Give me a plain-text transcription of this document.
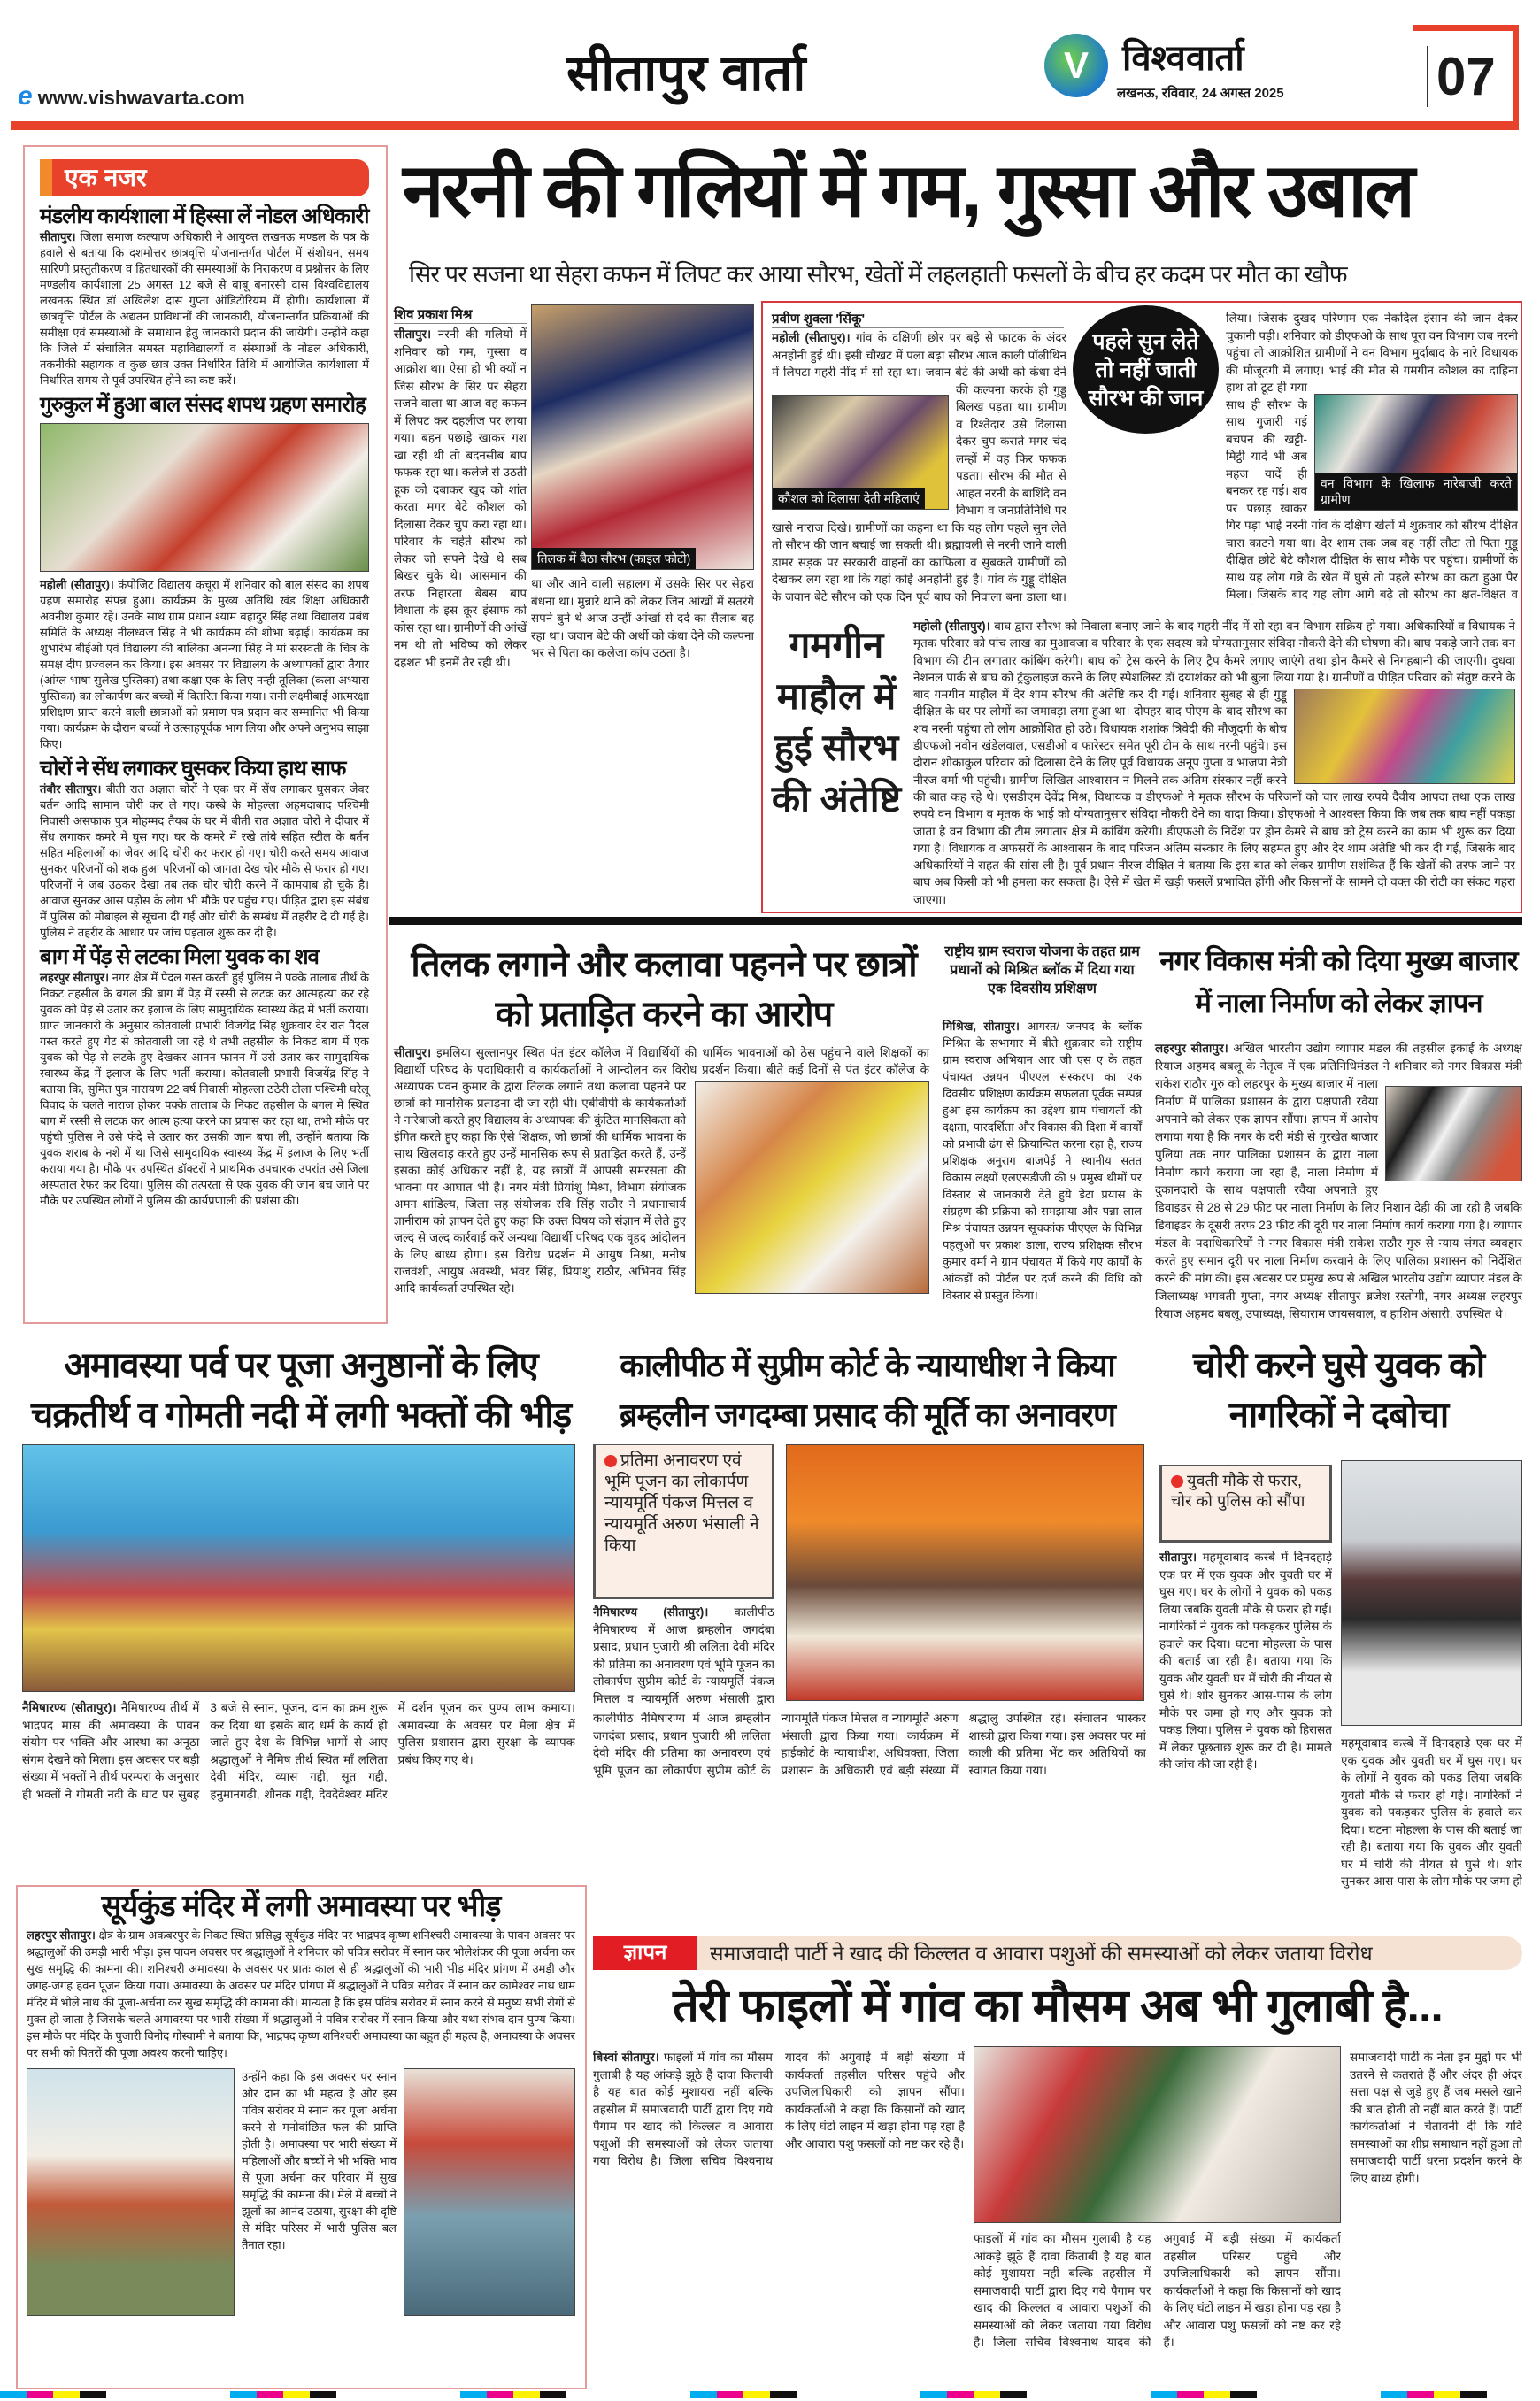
e www.vishwavarta.com	सीतापुर वार्ता	V विश्ववार्ता
लखनऊ, रविवार, 24 अगस्त 2025	07
एक नजर
मंडलीय कार्यशाला में हिस्सा लें नोडल अधिकारी

सीतापुर। जिला समाज कल्याण अधिकारी ने आयुक्त लखनऊ मण्डल के पत्र के हवाले से बताया कि दशमोत्तर छात्रवृत्ति योजनान्तर्गत पोर्टल में संशोधन, समय सारिणी प्रस्तुतीकरण व हितधारकों की समस्याओं के निराकरण व प्रश्नोत्तर के लिए मण्डलीय कार्यशाला 25 अगस्त 12 बजे से बाबू बनारसी दास विश्वविद्यालय लखनऊ स्थित डॉ अखिलेश दास गुप्ता ऑडिटोरियम में होगी। कार्यशाला में छात्रवृत्ति पोर्टल के अद्यतन प्राविधानों की जानकारी, योजनान्तर्गत प्रक्रियाओं की समीक्षा एवं समस्याओं के समाधान हेतु जानकारी प्रदान की जायेगी। उन्होंने कहा कि जिले में संचालित समस्त महाविद्यालयों व संस्थाओं के नोडल अधिकारी, तकनीकी सहायक व कुछ छात्र उक्त निर्धारित तिथि में आयोजित कार्यशाला में निर्धारित समय से पूर्व उपस्थित होने का कष्ट करें।

गुरुकुल में हुआ बाल संसद शपथ ग्रहण समारोह

महोली (सीतापुर)। कंपोजिट विद्यालय कचूरा में शनिवार को बाल संसद का शपथ ग्रहण समारोह संपन्न हुआ। कार्यक्रम के मुख्य अतिथि खंड शिक्षा अधिकारी अवनीश कुमार रहे। उनके साथ ग्राम प्रधान श्याम बहादुर सिंह तथा विद्यालय प्रबंध समिति के अध्यक्ष नीलध्वज सिंह ने भी कार्यक्रम की शोभा बढ़ाई। कार्यक्रम का शुभारंभ बीईओ एवं विद्यालय की बालिका अनन्या सिंह ने मां सरस्वती के चित्र के समक्ष दीप प्रज्वलन कर किया। इस अवसर पर विद्यालय के अध्यापकों द्वारा तैयार (आंग्ल भाषा सुलेख पुस्तिका) तथा कक्षा एक के लिए नन्ही तूलिका (कला अभ्यास पुस्तिका) का लोकार्पण कर बच्चों में वितरित किया गया। रानी लक्ष्मीबाई आत्मरक्षा प्रशिक्षण प्राप्त करने वाली छात्राओं को प्रमाण पत्र प्रदान कर सम्मानित भी किया गया। कार्यक्रम के दौरान बच्चों ने उत्साहपूर्वक भाग लिया और अपने अनुभव साझा किए।

चोरों ने सेंध लगाकर घुसकर किया हाथ साफ

तंबौर सीतापुर। बीती रात अज्ञात चोरों ने एक घर में सेंध लगाकर घुसकर जेवर बर्तन आदि सामान चोरी कर ले गए। कस्बे के मोहल्ला अहमदाबाद पश्चिमी निवासी असफाक पुत्र मोहम्मद तैयब के घर में बीती रात अज्ञात चोरों ने दीवार में सेंध लगाकर कमरे में घुस गए। घर के कमरे में रखे तांबे सहित स्टील के बर्तन सहित महिलाओं का जेवर आदि चोरी कर फरार हो गए। चोरी करते समय आवाज सुनकर परिजनों को शक हुआ परिजनों को जागता देख चोर मौके से फरार हो गए। परिजनों ने जब उठकर देखा तब तक चोर चोरी करने में कामयाब हो चुके है। आवाज सुनकर आस पड़ोस के लोग भी मौके पर पहुंच गए। पीड़ित द्वारा इस संबंध में पुलिस को मोबाइल से सूचना दी गई और चोरी के सम्बंध में तहरीर दे दी गई है। पुलिस ने तहरीर के आधार पर जांच पड़ताल शुरू कर दी है।

बाग में पेंड़ से लटका मिला युवक का शव

लहरपुर सीतापुर। नगर क्षेत्र में पैदल गस्त करती हुई पुलिस ने पक्के तालाब तीर्थ के निकट तहसील के बगल की बाग में पेड़ में रस्सी से लटक कर आत्महत्या कर रहे युवक को पेड़ से उतार कर इलाज के लिए सामुदायिक स्वास्थ्य केंद्र में भर्ती कराया। प्राप्त जानकारी के अनुसार कोतवाली प्रभारी विजयेंद्र सिंह शुक्रवार देर रात पैदल गस्त करते हुए गेट से कोतवाली जा रहे थे तभी तहसील के निकट बाग में एक युवक को पेड़ से लटके हुए देखकर आनन फानन में उसे उतार कर सामुदायिक स्वास्थ्य केंद्र में इलाज के लिए भर्ती कराया। कोतवाली प्रभारी विजयेंद्र सिंह ने बताया कि, सुमित पुत्र नारायण 22 वर्ष निवासी मोहल्ला ठठेरी टोला पश्चिमी घरेलू विवाद के चलते नाराज होकर पक्के तालाब के निकट तहसील के बगल मे स्थित बाग में रस्सी से लटक कर आत्म हत्या करने का प्रयास कर रहा था, तभी मौके पर पहुंची पुलिस ने उसे फंदे से उतार कर उसकी जान बचा ली, उन्होंने बताया कि युवक शराब के नशे में था जिसे सामुदायिक स्वास्थ्य केंद्र में इलाज के लिए भर्ती कराया गया है। मौके पर उपस्थित डॉक्टरों ने प्राथमिक उपचारक उपरांत उसे जिला अस्पताल रेफर कर दिया। पुलिस की तत्परता से एक युवक की जान बच जाने पर मौके पर उपस्थित लोगों ने पुलिस की कार्यप्रणाली की प्रशंसा की।

नरनी की गलियों में गम, गुस्सा और उबाल
सिर पर सजना था सेहरा कफन में लिपट कर आया सौरभ, खेतों में लहलहाती फसलों के बीच हर कदम पर मौत का खौफ
शिव प्रकाश मिश्र

सीतापुर। नरनी की गलियों में शनिवार को गम, गुस्सा व आक्रोश था। ऐसा हो भी क्यों न जिस सौरभ के सिर पर सेहरा सजने वाला था आज वह कफन में लिपट कर दहलीज पर लाया गया। बहन पछाड़े खाकर गश खा रही थी तो बदनसीब बाप फफक रहा था। कलेजे से उठती हूक को दबाकर खुद को शांत करता मगर बेटे कौशल को दिलासा देकर चुप करा रहा था। परिवार के चहेते सौरभ को लेकर जो सपने देखे थे सब बिखर चुके थे। आसमान की तरफ निहारता बेबस बाप विधाता के इस क्रूर इंसाफ को कोस रहा था। ग्रामीणों की आंखें नम थी तो भविष्य को लेकर दहशत भी इनमें तैर रही थी।

तिलक में बैठा सौरभ (फाइल फोटो)

था और आने वाली सहालग में उसके सिर पर सेहरा बंधना था। मुन्नारे थाने को लेकर जिन आंखों में सतरंगे सपने बुने थे आज उन्हीं आंखों से दर्द का सैलाब बह रहा था। जवान बेटे की अर्थी को कंधा देने की कल्पना भर से पिता का कलेजा कांप उठता है।

प्रवीण शुक्ला 'सिंकू'
कौशल को दिलासा देती महिलाएं
महोली (सीतापुर)। गांव के दक्षिणी छोर पर बड़े से फाटक के अंदर अनहोनी हुई थी। इसी चौखट में पला बढ़ा सौरभ आज काली पॉलीथिन में लिपटा गहरी नींद में सो रहा था। जवान बेटे की अर्थी को कंधा देने की कल्पना करके ही गुड्डू बिलख पड़ता था। ग्रामीण व रिश्तेदार उसे दिलासा देकर चुप कराते मगर चंद लम्हों में वह फिर फफक पड़ता। सौरभ की मौत से आहत नरनी के बाशिंदे वन विभाग व जनप्रतिनिधि पर खासे नाराज दिखे। ग्रामीणों का कहना था कि यह लोग पहले सुन लेते तो सौरभ की जान बचाई जा सकती थी। ब्रह्मावली से नरनी जाने वाली डामर सड़क पर सरकारी वाहनों का काफिला व सुबकते ग्रामीणों को देखकर लग रहा था कि यहां कोई अनहोनी हुई है। गांव के गुड्डू दीक्षित के जवान बेटे सौरभ को एक दिन पूर्व बाघ को निवाला बना डाला था।
पहले सुन लेते तो नहीं जाती सौरभ की जान
वन विभाग के खिलाफ नारेबाजी करते ग्रामीण
लिया। जिसके दुखद परिणाम एक नेकदिल इंसान की जान देकर चुकानी पड़ी। शनिवार को डीएफओ के साथ पूरा वन विभाग जब नरनी पहुंचा तो आक्रोशित ग्रामीणों ने वन विभाग मुर्दाबाद के नारे विधायक की मौजूदगी में लगाए। भाई की मौत से गमगीन कौशल का दाहिना हाथ तो टूट ही गया साथ ही सौरभ के साथ गुजारी गई बचपन की खट्टी-मिट्ठी यादें भी अब महज यादें ही बनकर रह गईं। शव पर पछाड़ खाकर गिर पड़ा भाई नरनी गांव के दक्षिण खेतों में शुक्रवार को सौरभ दीक्षित चारा काटने गया था। देर शाम तक जब वह नहीं लौटा तो पिता गुड्डू दीक्षित छोटे बेटे कौशल दीक्षित के साथ मौके पर पहुंचा। ग्रामीणों के साथ यह लोग गन्ने के खेत में घुसे तो पहले सौरभ का कटा हुआ पैर मिला। जिसके बाद यह लोग आगे बढ़े तो सौरभ का क्षत-विक्षत व
गमगीन माहौल में हुई सौरभ की अंतेष्टि
महोली (सीतापुर)। बाघ द्वारा सौरभ को निवाला बनाए जाने के बाद गहरी नींद में सो रहा वन विभाग सक्रिय हो गया। अधिकारियों व विधायक ने मृतक परिवार को पांच लाख का मुआवजा व परिवार के एक सदस्य को योग्यतानुसार संविदा नौकरी देने की घोषणा की। बाघ पकड़े जाने तक वन विभाग की टीम लगातार कांबिंग करेगी। बाघ को ट्रेस करने के लिए ट्रैप कैमरे लगाए जाएंगे तथा ड्रोन कैमरे से निगहबानी की जाएगी। दुधवा नेशनल पार्क से बाघ को ट्रंकुलाइज करने के लिए स्पेशलिस्ट डॉ दयाशंकर को भी बुला लिया गया है। ग्रामीणों व पीड़ित परिवार को संतुष्ट करने के बाद गमगीन माहौल में देर शाम सौरभ की अंतेष्टि कर दी गई। शनिवार सुबह से ही गुड्डू दीक्षित के घर पर लोगों का जमावड़ा लगा हुआ था। दोपहर बाद पीएम के बाद सौरभ का शव नरनी पहुंचा तो लोग आक्रोशित हो उठे। विधायक शशांक त्रिवेदी की मौजूदगी के बीच डीएफओ नवीन खंडेलवाल, एसडीओ व फारेस्टर समेत पूरी टीम के साथ नरनी पहुंचे। इस दौरान शोकाकुल परिवार को दिलासा देने के लिए पूर्व विधायक अनूप गुप्ता व भाजपा नेत्री नीरज वर्मा भी पहुंची। ग्रामीण लिखित आश्वासन न मिलने तक अंतिम संस्कार नहीं करने की बात कह रहे थे। एसडीएम देवेंद्र मिश्र, विधायक व डीएफओ ने मृतक सौरभ के परिजनों को चार लाख रुपये दैवीय आपदा तथा एक लाख रुपये वन विभाग व मृतक के भाई को योग्यतानुसार संविदा नौकरी देने का वादा किया। डीएफओ ने आश्वस्त किया कि जब तक बाघ नहीं पकड़ा जाता है वन विभाग की टीम लगातार क्षेत्र में कांबिंग करेगी। डीएफओ के निर्देश पर ड्रोन कैमरे से बाघ को ट्रेस करने का काम भी शुरू कर दिया गया है। विधायक व अफसरों के आश्वासन के बाद परिजन अंतिम संस्कार के लिए सहमत हुए और देर शाम अंतेष्टि भी कर दी गई, जिसके बाद अधिकारियों ने राहत की सांस ली है। पूर्व प्रधान नीरज दीक्षित ने बताया कि इस बात को लेकर ग्रामीण सशंकित हैं कि खेतों की तरफ जाने पर बाघ अब किसी को भी हमला कर सकता है। ऐसे में खेत में खड़ी फसलें प्रभावित होंगी और किसानों के सामने दो वक्त की रोटी का संकट गहरा जाएगा।
तिलक लगाने और कलावा पहनने पर छात्रों को प्रताड़ित करने का आरोप
सीतापुर। इमलिया सुल्तानपुर स्थित पंत इंटर कॉलेज में विद्यार्थियों की धार्मिक भावनाओं को ठेस पहुंचाने वाले शिक्षकों का विद्यार्थी परिषद के पदाधिकारी व कार्यकर्ताओं ने आन्दोलन कर विरोध प्रदर्शन किया। बीते कई दिनों से पंत इंटर कॉलेज के अध्यापक पवन कुमार के द्वारा तिलक लगाने तथा कलावा पहनने पर छात्रों को मानसिक प्रताड़ना दी जा रही थी। एबीवीपी के कार्यकर्ताओं ने नारेबाजी करते हुए विद्यालय के अध्यापक की कुंठित मानसिकता को इंगित करते हुए कहा कि ऐसे शिक्षक, जो छात्रों की धार्मिक भावना के साथ खिलवाड़ करते हुए उन्हें मानसिक रूप से प्रताड़ित करते हैं, उन्हें इसका कोई अधिकार नहीं है, यह छात्रों में आपसी समरसता की भावना पर आघात भी है। नगर मंत्री प्रियांशु मिश्रा, विभाग संयोजक अमन शांडिल्य, जिला सह संयोजक रवि सिंह राठौर ने प्रधानाचार्य ज्ञानीराम को ज्ञापन देते हुए कहा कि उक्त विषय को संज्ञान में लेते हुए जल्द से जल्द कार्रवाई करें अन्यथा विद्यार्थी परिषद एक वृहद आंदोलन के लिए बाध्य होगा। इस विरोध प्रदर्शन में आयुष मिश्रा, मनीष राजवंशी, आयुष अवस्थी, भंवर सिंह, प्रियांशु राठौर, अभिनव सिंह आदि कार्यकर्ता उपस्थित रहे।
राष्ट्रीय ग्राम स्वराज योजना के तहत ग्राम प्रधानों को मिश्रित ब्लॉक में दिया गया एक दिवसीय प्रशिक्षण

मिश्रिख, सीतापुर। आगस्त/ जनपद के ब्लॉक मिश्रित के सभागार में बीते शुक्रवार को राष्ट्रीय ग्राम स्वराज अभियान आर जी एस ए के तहत पंचायत उन्नयन पीएएल संस्करण का एक दिवसीय प्रशिक्षण कार्यक्रम सफलता पूर्वक सम्पन्न हुआ इस कार्यक्रम का उद्देश्य ग्राम पंचायतों की दक्षता, पारदर्शिता और विकास की दिशा में कार्यों को प्रभावी ढंग से क्रियान्वित करना रहा है, राज्य प्रशिक्षक अनुराग बाजपेई ने स्थानीय सतत विकास लक्ष्यों एलएसडीजी की 9 प्रमुख थीमों पर विस्तार से जानकारी देते हुये डेटा प्रयास के संग्रहण की प्रक्रिया को समझाया और पन्ना लाल मिश्र पंचायत उन्नयन सूचकांक पीएएल के विभिन्न पहलुओं पर प्रकाश डाला, राज्य प्रशिक्षक सौरभ कुमार वर्मा ने ग्राम पंचायत में किये गए कार्यों के आंकड़ों को पोर्टल पर दर्ज करने की विधि को विस्तार से प्रस्तुत किया।

नगर विकास मंत्री को दिया मुख्य बाजार में नाला निर्माण को लेकर ज्ञापन
लहरपुर सीतापुर। अखिल भारतीय उद्योग व्यापार मंडल की तहसील इकाई के अध्यक्ष रियाज अहमद बबलू के नेतृत्व में एक प्रतिनिधिमंडल ने शनिवार को नगर विकास मंत्री राकेश राठौर गुरु को लहरपुर के मुख्य बाजार में नाला निर्माण में पालिका प्रशासन के द्वारा पक्षपाती रवैया अपनाने को लेकर एक ज्ञापन सौंपा। ज्ञापन में आरोप लगाया गया है कि नगर के दरी मंडी से गुरखेत बाजार पुलिया तक नगर पालिका प्रशासन के द्वारा नाला निर्माण कार्य कराया जा रहा है, नाला निर्माण में दुकानदारों के साथ पक्षपाती रवैया अपनाते हुए डिवाइडर से 28 से 29 फीट पर नाला निर्माण के लिए निशान देही की जा रही है जबकि डिवाइडर के दूसरी तरफ 23 फीट की दूरी पर नाला निर्माण कार्य कराया गया है। व्यापार मंडल के पदाधिकारियों ने नगर विकास मंत्री राकेश राठौर गुरु से न्याय संगत व्यवहार करते हुए समान दूरी पर नाला निर्माण करवाने के लिए पालिका प्रशासन को निर्देशित करने की मांग की। इस अवसर पर प्रमुख रूप से अखिल भारतीय उद्योग व्यापार मंडल के जिलाध्यक्ष भगवती गुप्ता, नगर अध्यक्ष सीतापुर ब्रजेश रस्तोगी, नगर अध्यक्ष लहरपुर रियाज अहमद बबलू, उपाध्यक्ष, सियाराम जायसवाल, व हाशिम अंसारी, उपस्थित थे।
अमावस्या पर्व पर पूजा अनुष्ठानों के लिए चक्रतीर्थ व गोमती नदी में लगी भक्तों की भीड़

नैमिषारण्य (सीतापुर)। नैमिषारण्य तीर्थ में भाद्रपद मास की अमावस्या के पावन संयोग पर भक्ति और आस्था का अनूठा संगम देखने को मिला। इस अवसर पर बड़ी संख्या में भक्तों ने तीर्थ परम्परा के अनुसार ही भक्तों ने गोमती नदी के घाट पर सुबह 3 बजे से स्नान, पूजन, दान का क्रम शुरू कर दिया था इसके बाद धर्म के कार्य हो जाते हुए देश के विभिन्न भागों से आए श्रद्धालुओं ने नैमिष तीर्थ स्थित माँ ललिता देवी मंदिर, व्यास गद्दी, सूत गद्दी, हनुमानगढ़ी, शौनक गद्दी, देवदेवेश्वर मंदिर में दर्शन पूजन कर पुण्य लाभ कमाया। अमावस्या के अवसर पर मेला क्षेत्र में पुलिस प्रशासन द्वारा सुरक्षा के व्यापक प्रबंध किए गए थे।

कालीपीठ में सुप्रीम कोर्ट के न्यायाधीश ने किया ब्रम्हलीन जगदम्बा प्रसाद की मूर्ति का अनावरण
प्रतिमा अनावरण एवं भूमि पूजन का लोकार्पण न्यायमूर्ति पंकज मित्तल व न्यायमूर्ति अरुण भंसाली ने किया

नैमिषारण्य (सीतापुर)। कालीपीठ नैमिषारण्य में आज ब्रम्हलीन जगदंबा प्रसाद, प्रधान पुजारी श्री ललिता देवी मंदिर की प्रतिमा का अनावरण एवं भूमि पूजन का लोकार्पण सुप्रीम कोर्ट के न्यायमूर्ति पंकज मित्तल व न्यायमूर्ति अरुण भंसाली द्वारा

कालीपीठ नैमिषारण्य में आज ब्रम्हलीन जगदंबा प्रसाद, प्रधान पुजारी श्री ललिता देवी मंदिर की प्रतिमा का अनावरण एवं भूमि पूजन का लोकार्पण सुप्रीम कोर्ट के न्यायमूर्ति पंकज मित्तल व न्यायमूर्ति अरुण भंसाली द्वारा किया गया। कार्यक्रम में हाईकोर्ट के न्यायाधीश, अधिवक्ता, जिला प्रशासन के अधिकारी एवं बड़ी संख्या में श्रद्धालु उपस्थित रहे। संचालन भास्कर शास्त्री द्वारा किया गया। इस अवसर पर मां काली की प्रतिमा भेंट कर अतिथियों का स्वागत किया गया।

चोरी करने घुसे युवक को नागरिकों ने दबोचा
युवती मौके से फरार, चोर को पुलिस को सौंपा

सीतापुर। महमूदाबाद कस्बे में दिनदहाड़े एक घर में एक युवक और युवती घर में घुस गए। घर के लोगों ने युवक को पकड़ लिया जबकि युवती मौके से फरार हो गई। नागरिकों ने युवक को पकड़कर पुलिस के हवाले कर दिया। घटना मोहल्ला के पास की बताई जा रही है। बताया गया कि युवक और युवती घर में चोरी की नीयत से घुसे थे। शोर सुनकर आस-पास के लोग मौके पर जमा हो गए और युवक को पकड़ लिया। पुलिस ने युवक को हिरासत में लेकर पूछताछ शुरू कर दी है। मामले की जांच की जा रही है।

महमूदाबाद कस्बे में दिनदहाड़े एक घर में एक युवक और युवती घर में घुस गए। घर के लोगों ने युवक को पकड़ लिया जबकि युवती मौके से फरार हो गई। नागरिकों ने युवक को पकड़कर पुलिस के हवाले कर दिया। घटना मोहल्ला के पास की बताई जा रही है। बताया गया कि युवक और युवती घर में चोरी की नीयत से घुसे थे। शोर सुनकर आस-पास के लोग मौके पर जमा हो

सूर्यकुंड मंदिर में लगी अमावस्या पर भीड़

लहरपुर सीतापुर। क्षेत्र के ग्राम अकबरपुर के निकट स्थित प्रसिद्ध सूर्यकुंड मंदिर पर भाद्रपद कृष्ण शनिश्चरी अमावस्या के पावन अवसर पर श्रद्धालुओं की उमड़ी भारी भीड़। इस पावन अवसर पर श्रद्धालुओं ने शनिवार को पवित्र सरोवर में स्नान कर भोलेशंकर की पूजा अर्चना कर सुख समृद्धि की कामना की। शनिश्चरी अमावस्या के अवसर पर प्रातः काल से ही श्रद्धालुओं की भारी भीड़ मंदिर प्रांगण में उमड़ी और जगह-जगह हवन पूजन किया गया। अमावस्या के अवसर पर मंदिर प्रांगण में श्रद्धालुओं ने पवित्र सरोवर में स्नान कर कामेश्वर नाथ धाम मंदिर में भोले नाथ की पूजा-अर्चना कर सुख समृद्धि की कामना की। मान्यता है कि इस पवित्र सरोवर में स्नान करने से मनुष्य सभी रोगों से मुक्त हो जाता है जिसके चलते अमावस्या पर भारी संख्या में श्रद्धालुओं ने पवित्र सरोवर में स्नान किया और यथा संभव दान पुण्य किया। इस मौके पर मंदिर के पुजारी विनोद गोस्वामी ने बताया कि, भाद्रपद कृष्ण शनिश्चरी अमावस्या का बहुत ही महत्व है, अमावस्या के अवसर पर सभी को पितरों की पूजा अवश्य करनी चाहिए।

उन्होंने कहा कि इस अवसर पर स्नान और दान का भी महत्व है और इस पवित्र सरोवर में स्नान कर पूजा अर्चना करने से मनोवांछित फल की प्राप्ति होती है। अमावस्या पर भारी संख्या में महिलाओं और बच्चों ने भी भक्ति भाव से पूजा अर्चना कर परिवार में सुख समृद्धि की कामना की। मेले में बच्चों ने झूलों का आनंद उठाया, सुरक्षा की दृष्टि से मंदिर परिसर में भारी पुलिस बल तैनात रहा।

ज्ञापन	समाजवादी पार्टी ने खाद की किल्लत व आवारा पशुओं की समस्याओं को लेकर जताया विरोध
तेरी फाइलों में गांव का मौसम अब भी गुलाबी है...

बिस्वां सीतापुर। फाइलों में गांव का मौसम गुलाबी है यह आंकड़े झूठे हैं दावा किताबी है यह बात कोई मुशायरा नहीं बल्कि तहसील में समाजवादी पार्टी द्वारा दिए गये पैगाम पर खाद की किल्लत व आवारा पशुओं की समस्याओं को लेकर जताया गया विरोध है। जिला सचिव विश्वनाथ यादव की अगुवाई में बड़ी संख्या में कार्यकर्ता तहसील परिसर पहुंचे और उपजिलाधिकारी को ज्ञापन सौंपा। कार्यकर्ताओं ने कहा कि किसानों को खाद के लिए घंटों लाइन में खड़ा होना पड़ रहा है और आवारा पशु फसलों को नष्ट कर रहे हैं।

फाइलों में गांव का मौसम गुलाबी है यह आंकड़े झूठे हैं दावा किताबी है यह बात कोई मुशायरा नहीं बल्कि तहसील में समाजवादी पार्टी द्वारा दिए गये पैगाम पर खाद की किल्लत व आवारा पशुओं की समस्याओं को लेकर जताया गया विरोध है। जिला सचिव विश्वनाथ यादव की अगुवाई में बड़ी संख्या में कार्यकर्ता तहसील परिसर पहुंचे और उपजिलाधिकारी को ज्ञापन सौंपा। कार्यकर्ताओं ने कहा कि किसानों को खाद के लिए घंटों लाइन में खड़ा होना पड़ रहा है और आवारा पशु फसलों को नष्ट कर रहे हैं।

समाजवादी पार्टी के नेता इन मुद्दों पर भी उतरने से कतराते हैं और अंदर ही अंदर सत्ता पक्ष से जुड़े हुए हैं जब मसले खाने की बात होती तो नहीं बात करते हैं। पार्टी कार्यकर्ताओं ने चेतावनी दी कि यदि समस्याओं का शीघ्र समाधान नहीं हुआ तो समाजवादी पार्टी धरना प्रदर्शन करने के लिए बाध्य होगी।
